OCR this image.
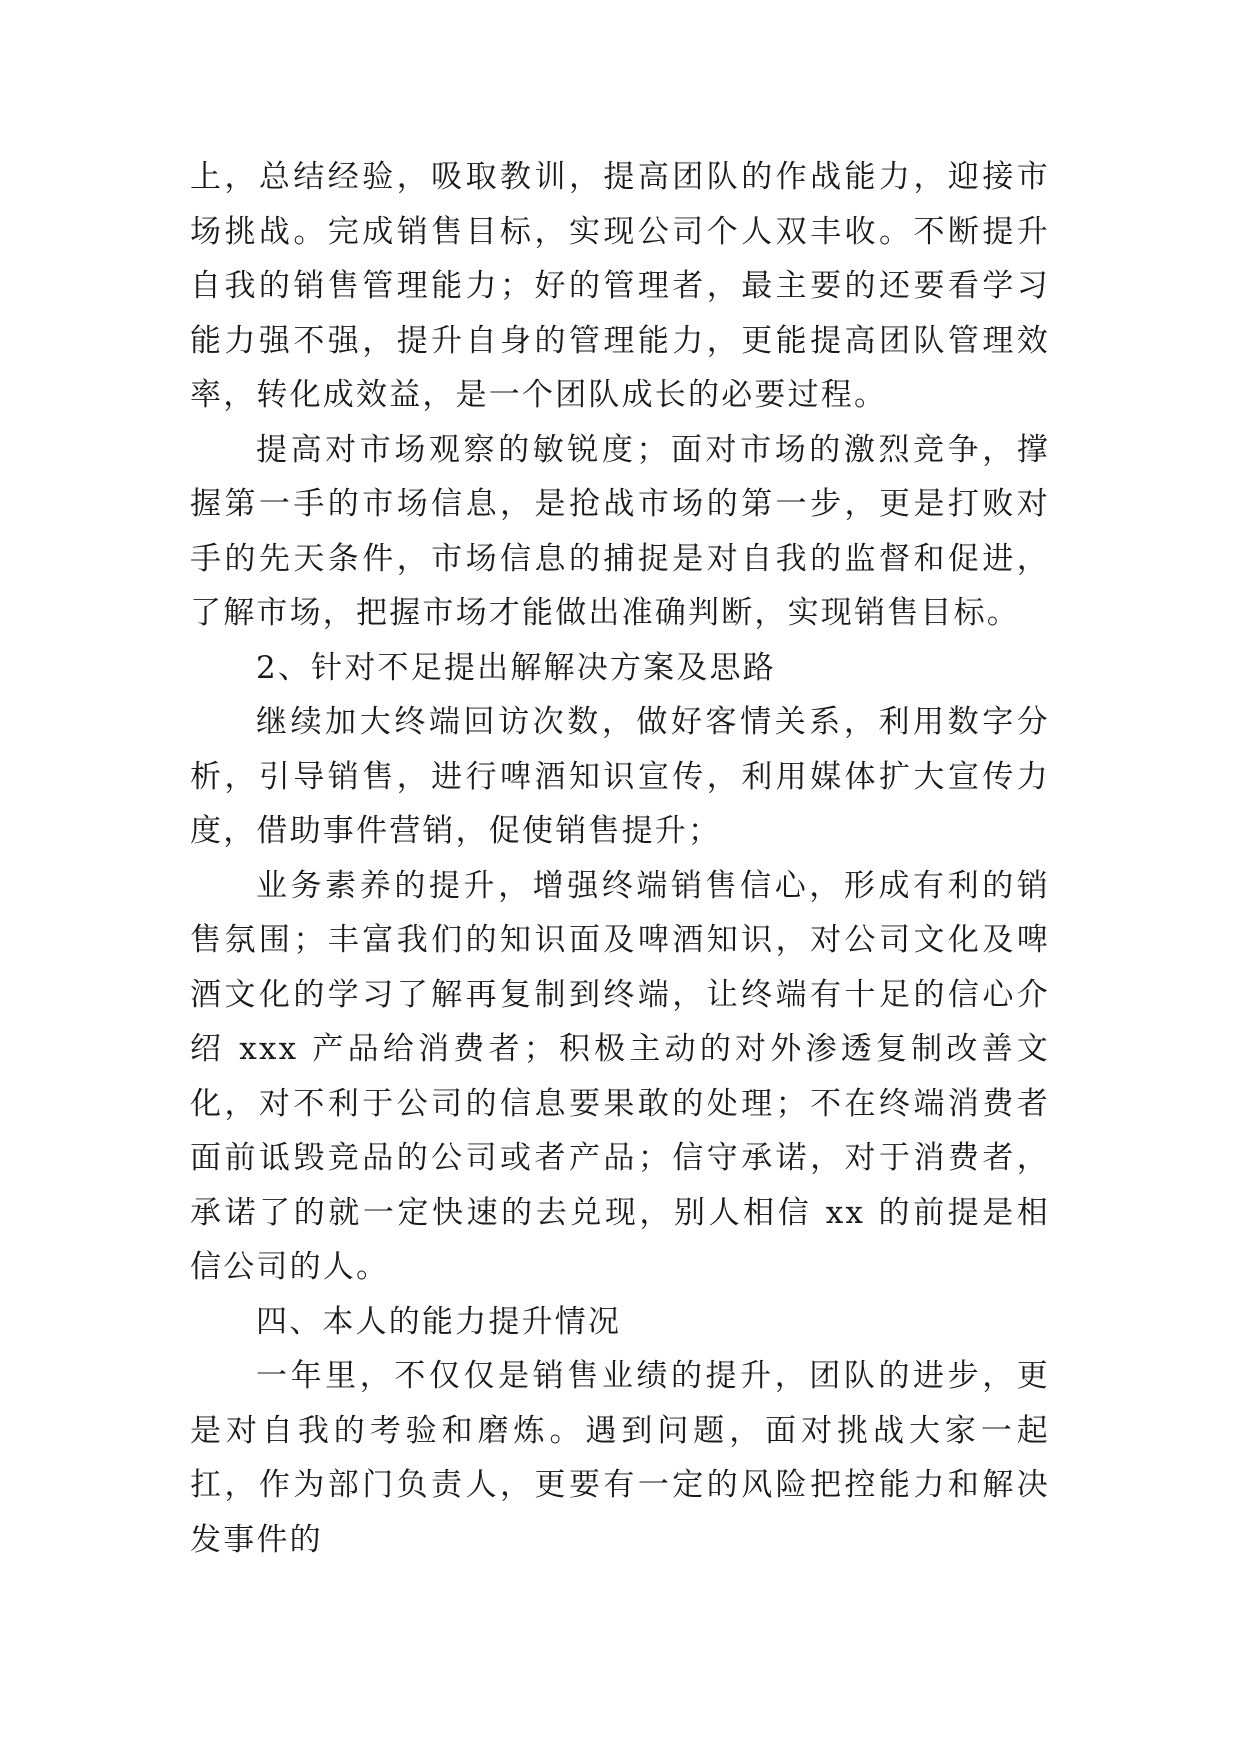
上，总结经验，吸取教训，提高团队的作战能力，迎接市场挑战。完成销售目标，实现公司个人双丰收。不断提升自我的销售管理能力；好的管理者，最主要的还要看学习能力强不强，提升自身的管理能力，更能提高团队管理效率，转化成效益，是一个团队成长的必要过程。

提高对市场观察的敏锐度；面对市场的激烈竞争，撑握第一手的市场信息，是抢战市场的第一步，更是打败对手的先天条件，市场信息的捕捉是对自我的监督和促进，了解市场，把握市场才能做出准确判断，实现销售目标。

2、针对不足提出解解决方案及思路

继续加大终端回访次数，做好客情关系，利用数字分析，引导销售，进行啤酒知识宣传，利用媒体扩大宣传力度，借助事件营销，促使销售提升；

业务素养的提升，增强终端销售信心，形成有利的销售氛围；丰富我们的知识面及啤酒知识，对公司文化及啤酒文化的学习了解再复制到终端，让终端有十足的信心介绍 xxx 产品给消费者；积极主动的对外渗透复制改善文化，对不利于公司的信息要果敢的处理；不在终端消费者面前诋毁竞品的公司或者产品；信守承诺，对于消费者，承诺了的就一定快速的去兑现，别人相信 xx 的前提是相信公司的人。

四、本人的能力提升情况

一年里，不仅仅是销售业绩的提升，团队的进步，更是对自我的考验和磨炼。遇到问题，面对挑战大家一起扛，作为部门负责人，更要有一定的风险把控能力和解决发事件的
